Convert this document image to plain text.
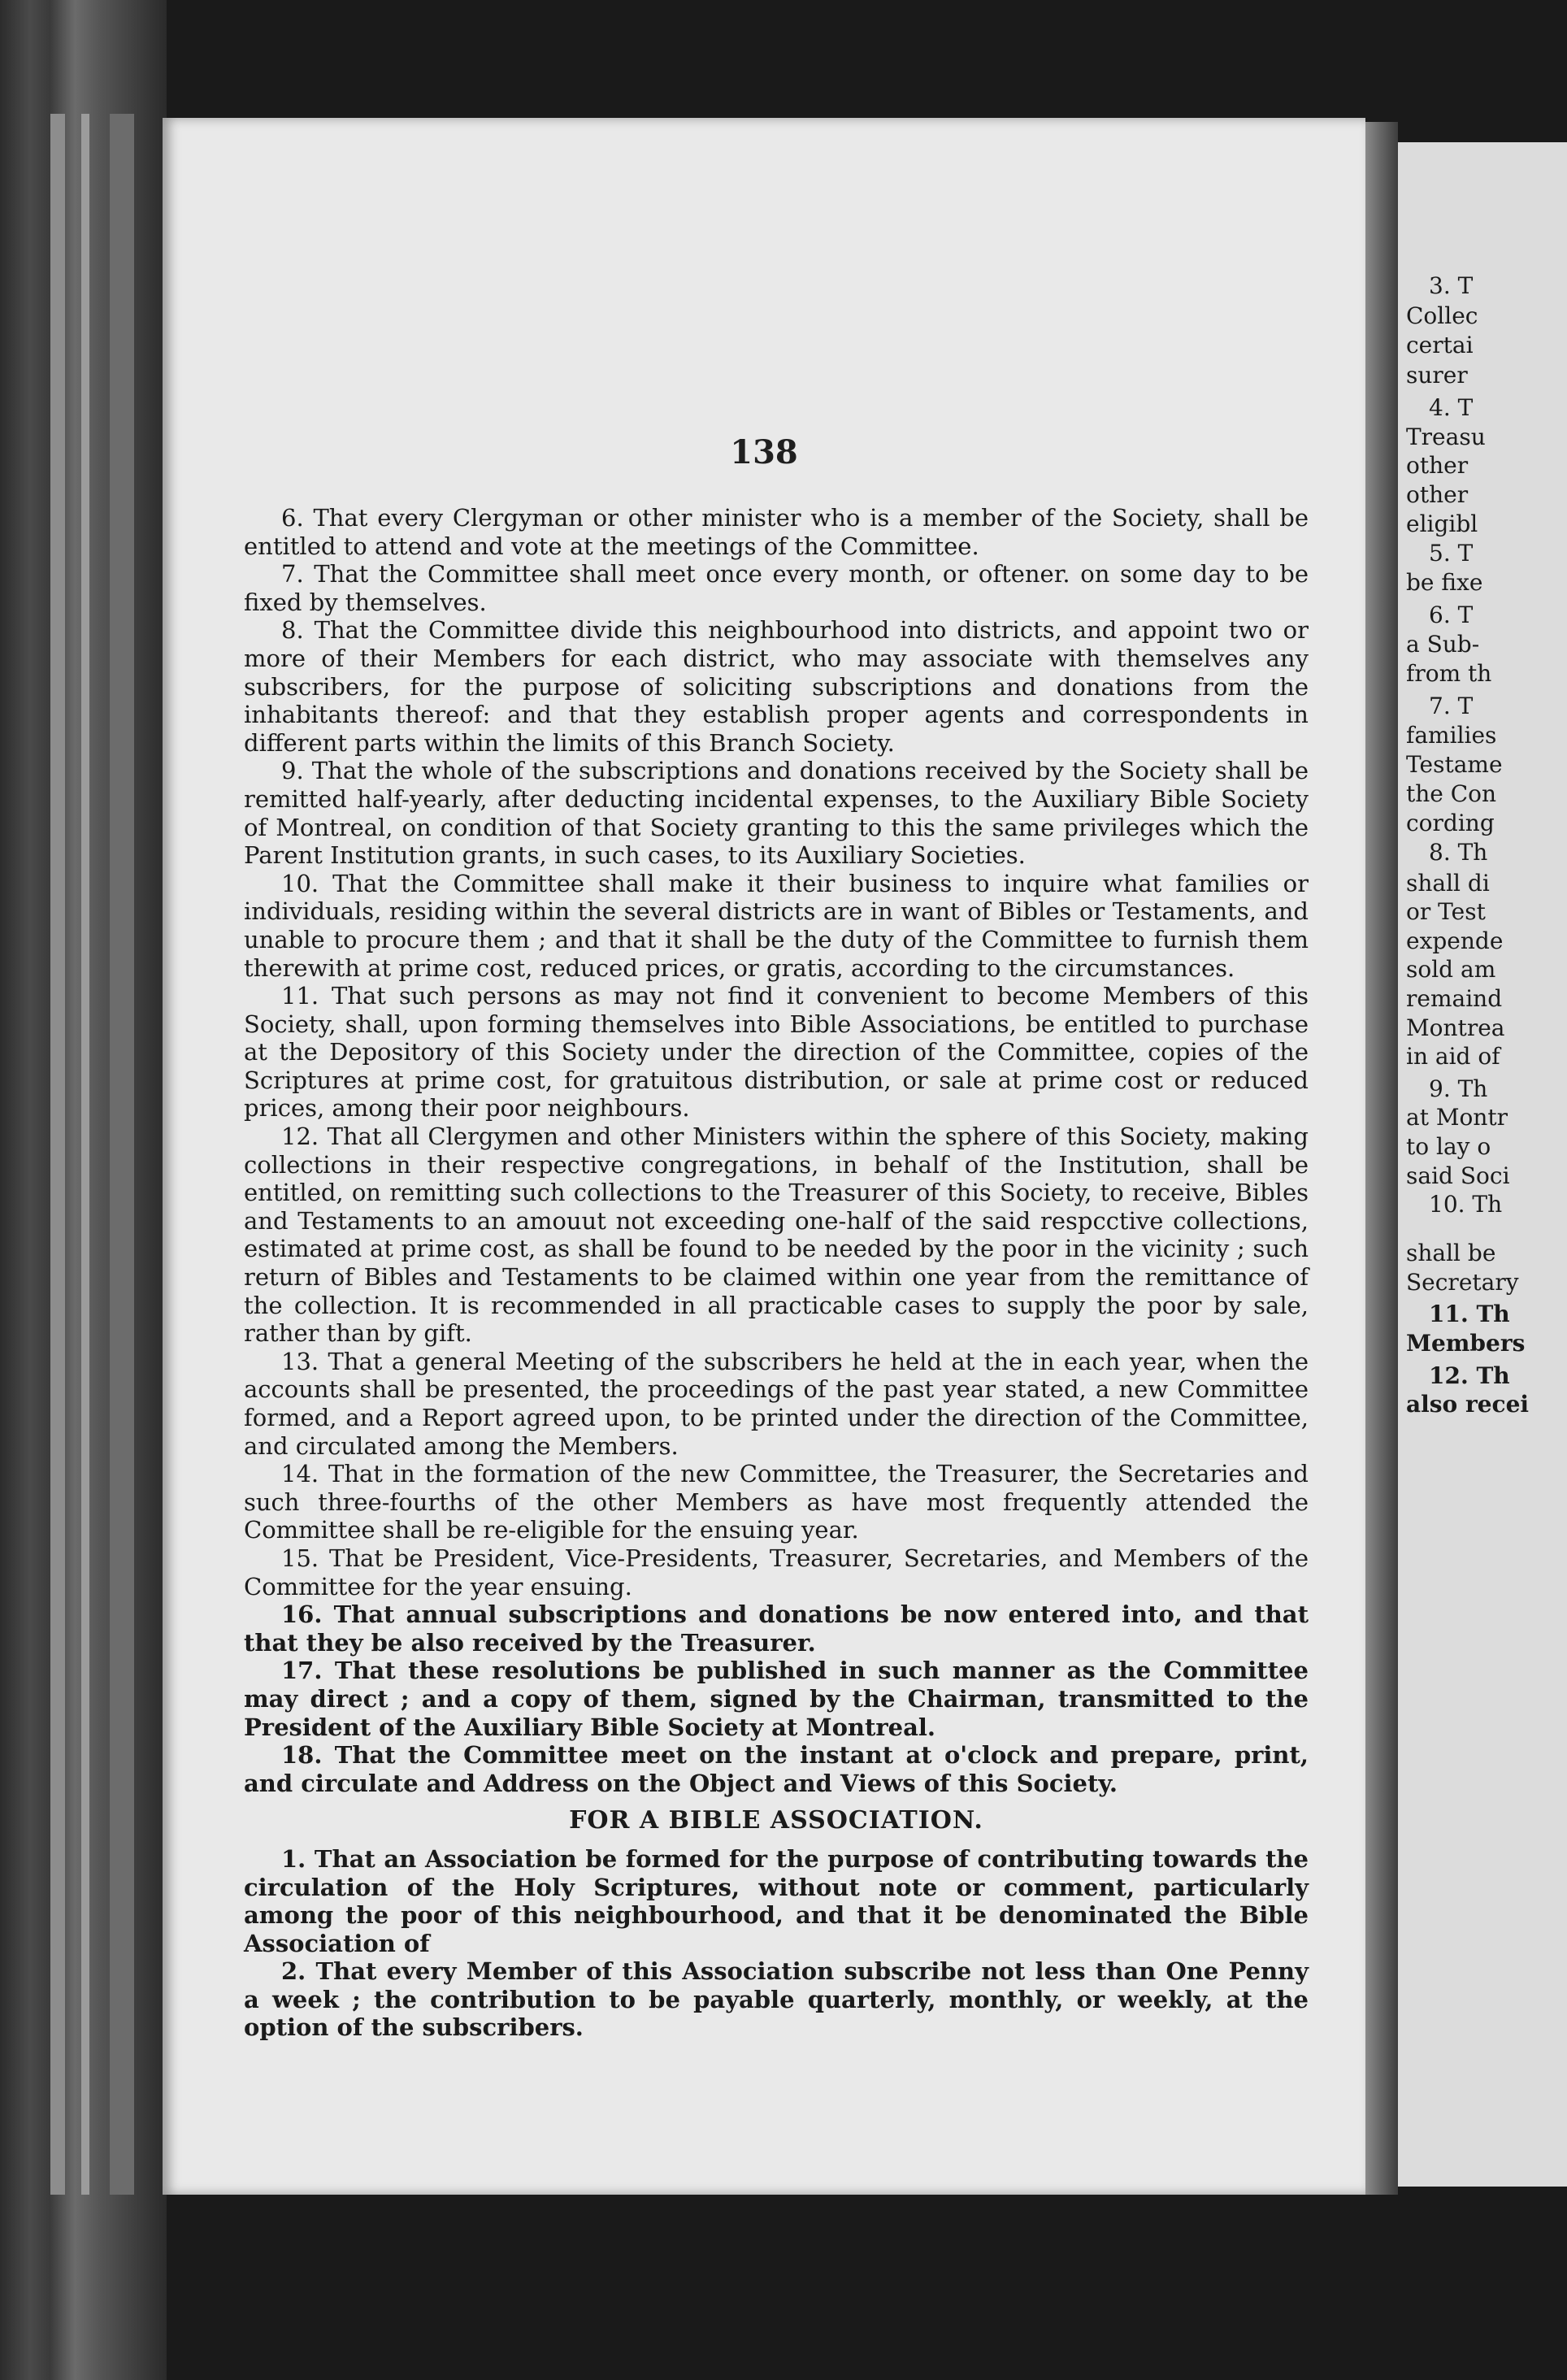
138

6. That every Clergyman or other minister who is a member of the Society, shall be entitled to attend and vote at the meetings of the Committee.

7. That the Committee shall meet once every month, or oftener. on some day to be fixed by themselves.

8. That the Committee divide this neighbourhood into districts, and appoint two or more of their Members for each district, who may associate with themselves any subscribers, for the purpose of soliciting subscriptions and donations from the inhabitants thereof: and that they establish proper agents and correspondents in different parts within the limits of this Branch Society.

9. That the whole of the subscriptions and donations received by the Society shall be remitted half-yearly, after deducting incidental expenses, to the Auxiliary Bible Society of Montreal, on condition of that Society granting to this the same privileges which the Parent Institution grants, in such cases, to its Auxiliary Societies.

10. That the Committee shall make it their business to inquire what families or individuals, residing within the several districts are in want of Bibles or Testaments, and unable to procure them ; and that it shall be the duty of the Committee to furnish them therewith at prime cost, reduced prices, or gratis, according to the circumstances.

11. That such persons as may not find it convenient to become Members of this Society, shall, upon forming themselves into Bible Associations, be entitled to purchase at the Depository of this Society under the direction of the Committee, copies of the Scriptures at prime cost, for gratuitous distribution, or sale at prime cost or reduced prices, among their poor neighbours.

12. That all Clergymen and other Ministers within the sphere of this Society, making collections in their respective congregations, in behalf of the Institution, shall be entitled, on remitting such collections to the Treasurer of this Society, to receive, Bibles and Testaments to an amouut not exceeding one-half of the said respcctive collections, estimated at prime cost, as shall be found to be needed by the poor in the vicinity ; such return of Bibles and Testaments to be claimed within one year from the remittance of the collection. It is recommended in all practicable cases to supply the poor by sale, rather than by gift.

13. That a general Meeting of the subscribers he held at the in each year, when the accounts shall be presented, the proceedings of the past year stated, a new Committee formed, and a Report agreed upon, to be printed under the direction of the Committee, and circulated among the Members.

14. That in the formation of the new Committee, the Treasurer, the Secretaries and such three-fourths of the other Members as have most frequently attended the Committee shall be re-eligible for the ensuing year.

15. That be President, Vice-Presidents, Treasurer, Secretaries, and Members of the Committee for the year ensuing.

16. That annual subscriptions and donations be now entered into, and that that they be also received by the Treasurer.

17. That these resolutions be published in such manner as the Committee may direct ; and a copy of them, signed by the Chairman, transmitted to the President of the Auxiliary Bible Society at Montreal.

18. That the Committee meet on the instant at o'clock and prepare, print, and circulate and Address on the Object and Views of this Society.

FOR A BIBLE ASSOCIATION.

1. That an Association be formed for the purpose of contributing towards the circulation of the Holy Scriptures, without note or comment, particularly among the poor of this neighbourhood, and that it be denominated the Bible Association of

2. That every Member of this Association subscribe not less than One Penny a week ; the contribution to be payable quarterly, monthly, or weekly, at the option of the subscribers.

3. T
Collec
certai
surer
4. T
Treasu
other
other
eligibl
5. T
be fixe
6. T
a Sub-
from th
7. T
families
Testame
the Con
cording
8. Th
shall di
or Test
expende
sold am
remaind
Montrea
in aid of
9. Th
at Montr
to lay o
said Soci
10. Th
shall be
Secretary
11. Th
Members
12. Th
also recei
